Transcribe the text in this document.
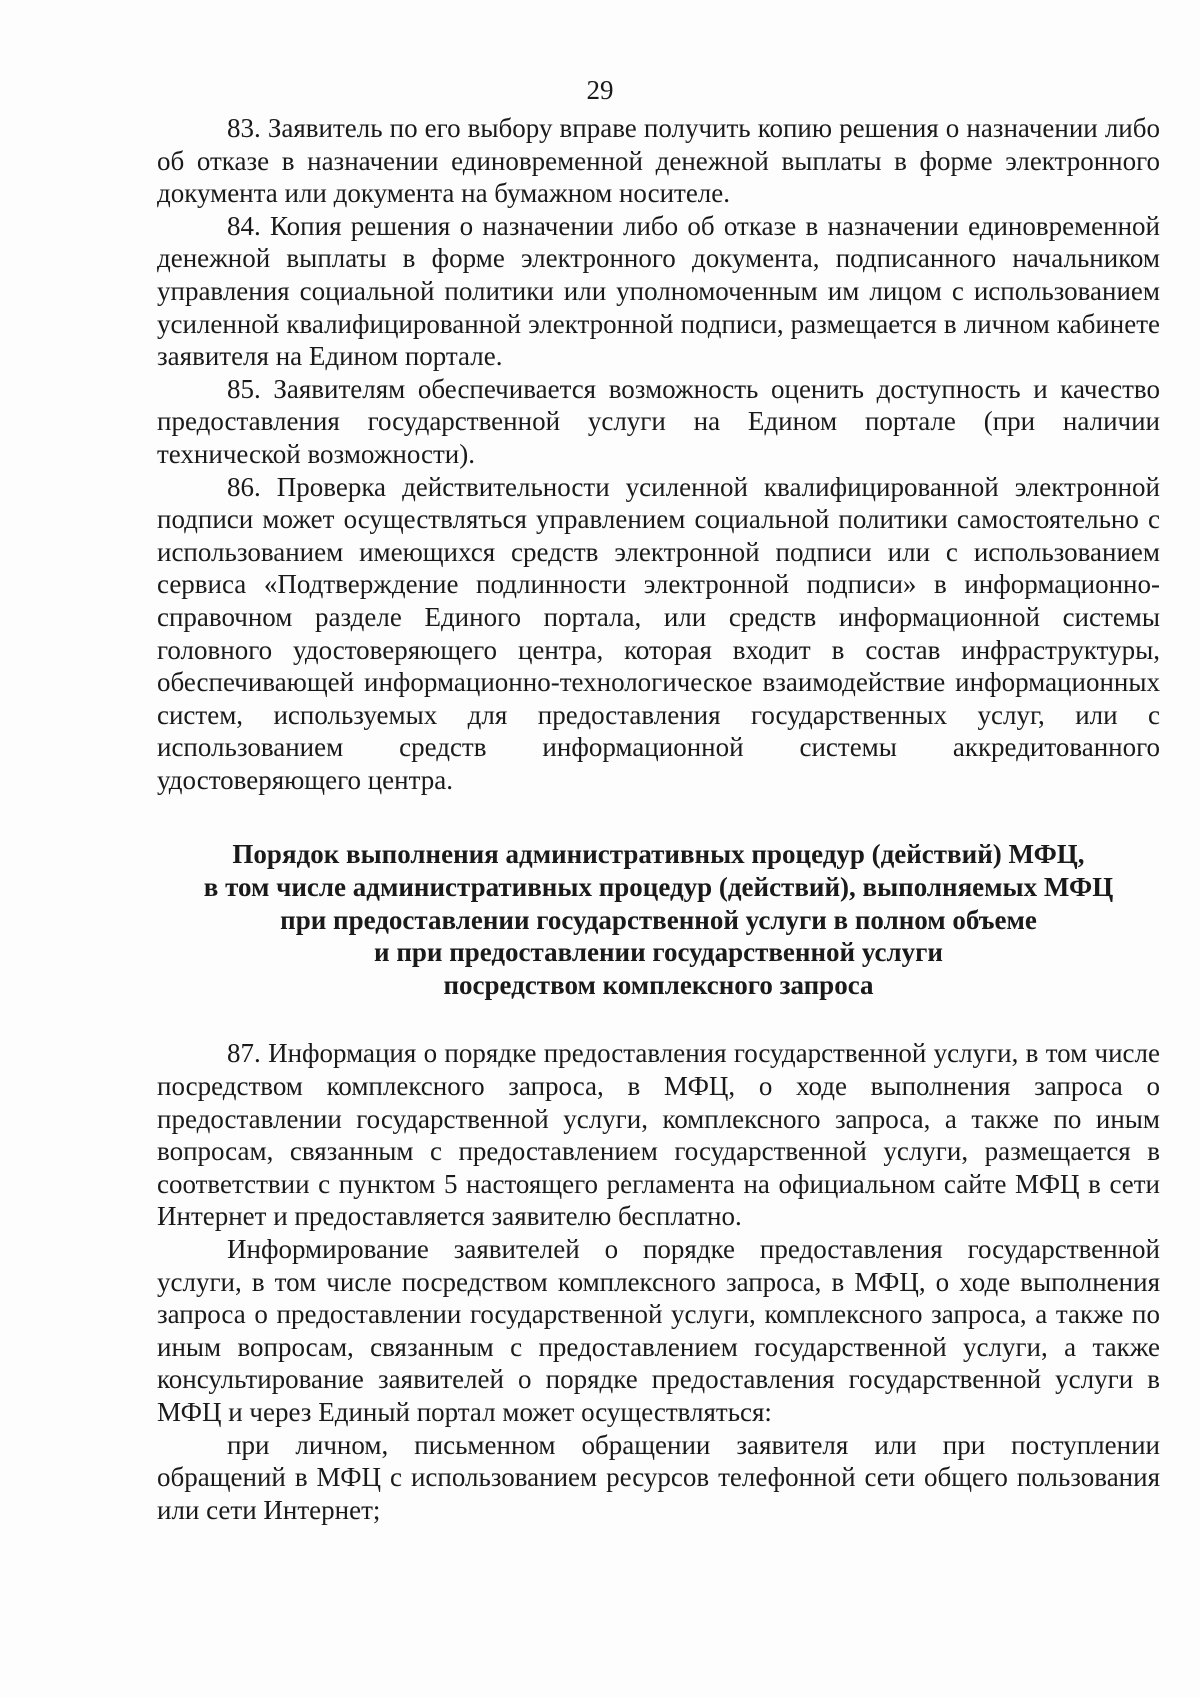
29

83. Заявитель по его выбору вправе получить копию решения о назначении либо об отказе в назначении единовременной денежной выплаты в форме электронного документа или документа на бумажном носителе.

84. Копия решения о назначении либо об отказе в назначении единовременной денежной выплаты в форме электронного документа, подписанного начальником управления социальной политики или уполномоченным им лицом с использованием усиленной квалифицированной электронной подписи, размещается в личном кабинете заявителя на Едином портале.

85. Заявителям обеспечивается возможность оценить доступность и качество предоставления государственной услуги на Едином портале (при наличии технической возможности).

86. Проверка действительности усиленной квалифицированной электронной подписи может осуществляться управлением социальной политики самостоятельно с использованием имеющихся средств электронной подписи или с использованием сервиса «Подтверждение подлинности электронной подписи» в информационно-справочном разделе Единого портала, или средств информационной системы головного удостоверяющего центра, которая входит в состав инфраструктуры, обеспечивающей информационно-технологическое взаимодействие информационных систем, используемых для предоставления государственных услуг, или с использованием средств информационной системы аккредитованного удостоверяющего центра.

Порядок выполнения административных процедур (действий) МФЦ,
в том числе административных процедур (действий), выполняемых МФЦ
при предоставлении государственной услуги в полном объеме
и при предоставлении государственной услуги
посредством комплексного запроса

87. Информация о порядке предоставления государственной услуги, в том числе посредством комплексного запроса, в МФЦ, о ходе выполнения запроса о предоставлении государственной услуги, комплексного запроса, а также по иным вопросам, связанным с предоставлением государственной услуги, размещается в соответствии с пунктом 5 настоящего регламента на официальном сайте МФЦ в сети Интернет и предоставляется заявителю бесплатно.

Информирование заявителей о порядке предоставления государственной услуги, в том числе посредством комплексного запроса, в МФЦ, о ходе выполнения запроса о предоставлении государственной услуги, комплексного запроса, а также по иным вопросам, связанным с предоставлением государственной услуги, а также консультирование заявителей о порядке предоставления государственной услуги в МФЦ и через Единый портал может осуществляться:

при личном, письменном обращении заявителя или при поступлении обращений в МФЦ с использованием ресурсов телефонной сети общего пользования или сети Интернет;
